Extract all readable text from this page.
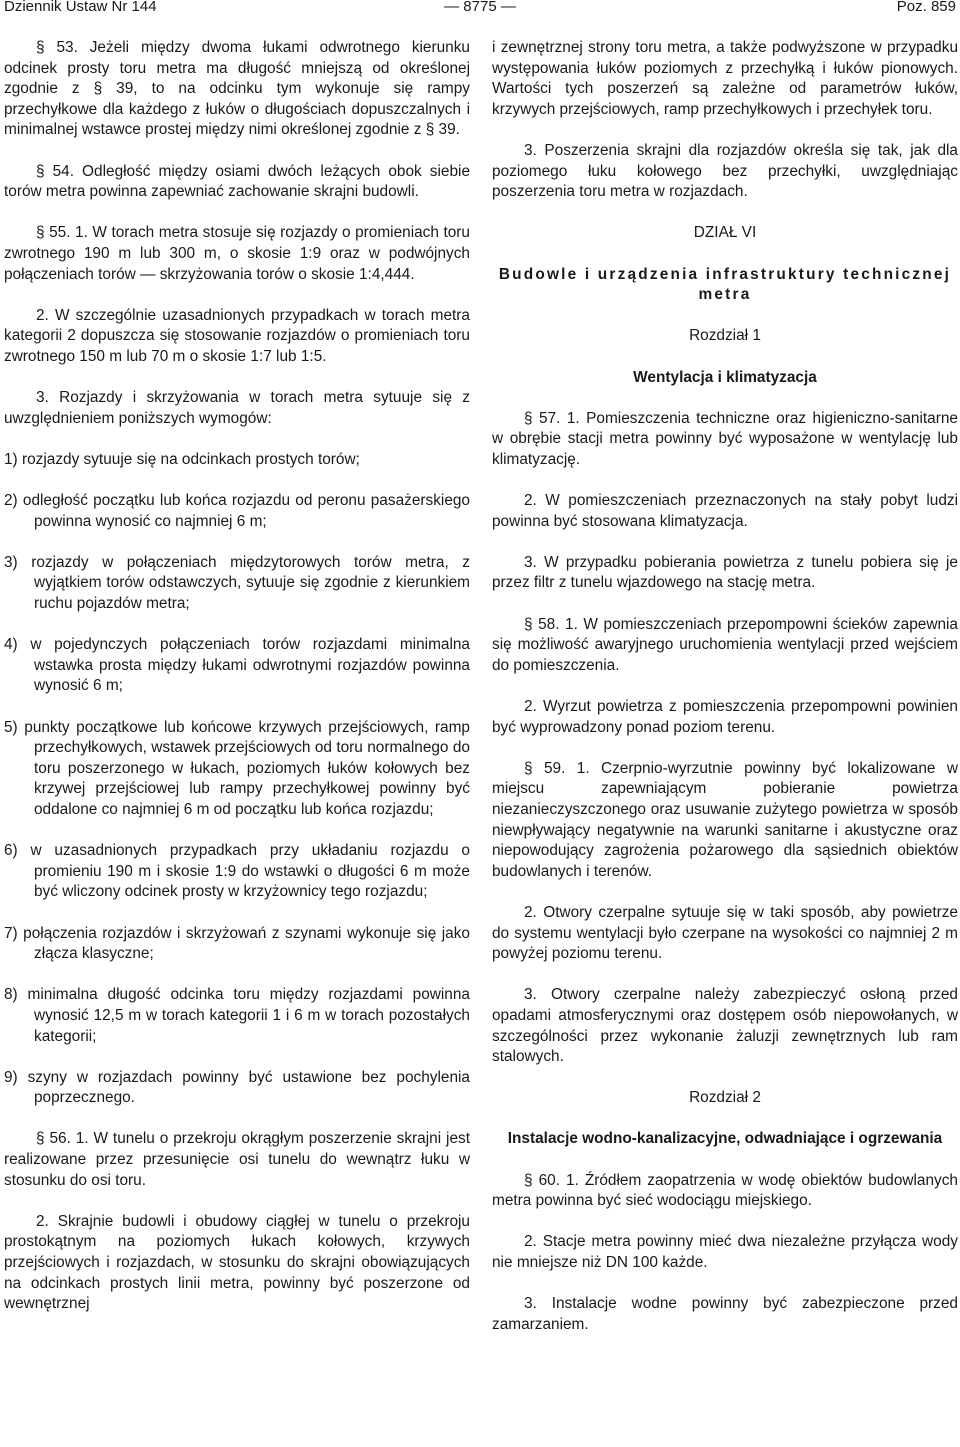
Dziennik Ustaw Nr 144	— 8775 —	Poz. 859

§ 53. Jeżeli między dwoma łukami odwrotnego kierunku odcinek prosty toru metra ma długość mniejszą od określonej zgodnie z § 39, to na odcinku tym wykonuje się rampy przechyłkowe dla każdego z łuków o długościach dopuszczalnych i minimalnej wstawce prostej między nimi określonej zgodnie z § 39.

§ 54. Odległość między osiami dwóch leżących obok siebie torów metra powinna zapewniać zachowanie skrajni budowli.

§ 55. 1. W torach metra stosuje się rozjazdy o promieniach toru zwrotnego 190 m lub 300 m, o skosie 1:9 oraz w podwójnych połączeniach torów — skrzyżowania torów o skosie 1:4,444.

2. W szczególnie uzasadnionych przypadkach w torach metra kategorii 2 dopuszcza się stosowanie rozjazdów o promieniach toru zwrotnego 150 m lub 70 m o skosie 1:7 lub 1:5.

3. Rozjazdy i skrzyżowania w torach metra sytuuje się z uwzględnieniem poniższych wymogów:

1) rozjazdy sytuuje się na odcinkach prostych torów;

2) odległość początku lub końca rozjazdu od peronu pasażerskiego powinna wynosić co najmniej 6 m;

3) rozjazdy w połączeniach międzytorowych torów metra, z wyjątkiem torów odstawczych, sytuuje się zgodnie z kierunkiem ruchu pojazdów metra;

4) w pojedynczych połączeniach torów rozjazdami minimalna wstawka prosta między łukami odwrotnymi rozjazdów powinna wynosić 6 m;

5) punkty początkowe lub końcowe krzywych przejściowych, ramp przechyłkowych, wstawek przejściowych od toru normalnego do toru poszerzonego w łukach, poziomych łuków kołowych bez krzywej przejściowej lub rampy przechyłkowej powinny być oddalone co najmniej 6 m od początku lub końca rozjazdu;

6) w uzasadnionych przypadkach przy układaniu rozjazdu o promieniu 190 m i skosie 1:9 do wstawki o długości 6 m może być wliczony odcinek prosty w krzyżownicy tego rozjazdu;

7) połączenia rozjazdów i skrzyżowań z szynami wykonuje się jako złącza klasyczne;

8) minimalna długość odcinka toru między rozjazdami powinna wynosić 12,5 m w torach kategorii 1 i 6 m w torach pozostałych kategorii;

9) szyny w rozjazdach powinny być ustawione bez pochylenia poprzecznego.

§ 56. 1. W tunelu o przekroju okrągłym poszerzenie skrajni jest realizowane przez przesunięcie osi tunelu do wewnątrz łuku w stosunku do osi toru.

2. Skrajnie budowli i obudowy ciągłej w tunelu o przekroju prostokątnym na poziomych łukach kołowych, krzywych przejściowych i rozjazdach, w stosunku do skrajni obowiązujących na odcinkach prostych linii metra, powinny być poszerzone od wewnętrznej

i zewnętrznej strony toru metra, a także podwyższone w przypadku występowania łuków poziomych z przechyłką i łuków pionowych. Wartości tych poszerzeń są zależne od parametrów łuków, krzywych przejściowych, ramp przechyłkowych i przechyłek toru.

3. Poszerzenia skrajni dla rozjazdów określa się tak, jak dla poziomego łuku kołowego bez przechyłki, uwzględniając poszerzenia toru metra w rozjazdach.

DZIAŁ VI

Budowle i urządzenia infrastruktury technicznej metra

Rozdział 1

Wentylacja i klimatyzacja

§ 57. 1. Pomieszczenia techniczne oraz higieniczno-sanitarne w obrębie stacji metra powinny być wyposażone w wentylację lub klimatyzację.

2. W pomieszczeniach przeznaczonych na stały pobyt ludzi powinna być stosowana klimatyzacja.

3. W przypadku pobierania powietrza z tunelu pobiera się je przez filtr z tunelu wjazdowego na stację metra.

§ 58. 1. W pomieszczeniach przepompowni ścieków zapewnia się możliwość awaryjnego uruchomienia wentylacji przed wejściem do pomieszczenia.

2. Wyrzut powietrza z pomieszczenia przepompowni powinien być wyprowadzony ponad poziom terenu.

§ 59. 1. Czerpnio-wyrzutnie powinny być lokalizowane w miejscu zapewniającym pobieranie powietrza niezanieczyszczonego oraz usuwanie zużytego powietrza w sposób niewpływający negatywnie na warunki sanitarne i akustyczne oraz niepowodujący zagrożenia pożarowego dla sąsiednich obiektów budowlanych i terenów.

2. Otwory czerpalne sytuuje się w taki sposób, aby powietrze do systemu wentylacji było czerpane na wysokości co najmniej 2 m powyżej poziomu terenu.

3. Otwory czerpalne należy zabezpieczyć osłoną przed opadami atmosferycznymi oraz dostępem osób niepowołanych, w szczególności przez wykonanie żaluzji zewnętrznych lub ram stalowych.

Rozdział 2

Instalacje wodno-kanalizacyjne, odwadniające i ogrzewania

§ 60. 1. Źródłem zaopatrzenia w wodę obiektów budowlanych metra powinna być sieć wodociągu miejskiego.

2. Stacje metra powinny mieć dwa niezależne przyłącza wody nie mniejsze niż DN 100 każde.

3. Instalacje wodne powinny być zabezpieczone przed zamarzaniem.
